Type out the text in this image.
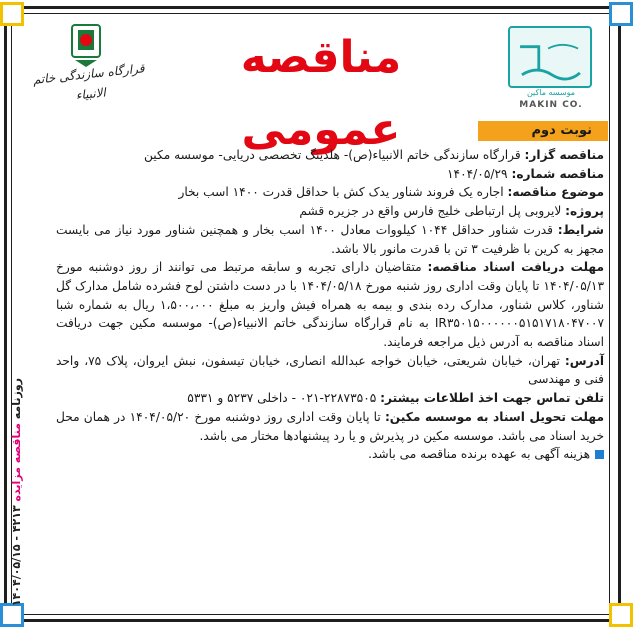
روزنامه مناقصه مزایده ۴۲۱۳ - ۱۴۰۴/۰۵/۱۵
قرارگاه سازندگی خاتم الانبیاء
مناقصه عمومی
موسسه ماکین
MAKIN CO.
نوبت دوم

مناقصه گزار: قرارگاه سازندگی خاتم الانبیاء(ص)- هلدینگ تخصصی دریایی- موسسه مکین

مناقصه شماره: ۱۴۰۴/۰۵/۲۹

موضوع مناقصه: اجاره یک فروند شناور یدک کش با حداقل قدرت ۱۴۰۰ اسب بخار

پروژه: لایروبی پل ارتباطی خلیج فارس واقع در جزیره قشم

شرایط: قدرت شناور حداقل ۱۰۴۴ کیلووات معادل ۱۴۰۰ اسب بخار و همچنین شناور مورد نیاز می بایست مجهز به کرین با ظرفیت ۳ تن با قدرت مانور بالا باشد.

مهلت دریافت اسناد مناقصه: متقاضیان دارای تجربه و سابقه مرتبط می توانند از روز دوشنبه مورخ ۱۴۰۴/۰۵/۱۳ تا پایان وقت اداری روز شنبه مورخ ۱۴۰۴/۰۵/۱۸ با در دست داشتن لوح فشرده شامل مدارک گل شناور، کلاس شناور، مدارک رده بندی و بیمه به همراه فیش واریز به مبلغ ۱،۵۰۰،۰۰۰ ریال به شماره شبا IR۳۵۰۱۵۰۰۰۰۰۰۵۱۵۱۷۱۸۰۴۷۰۰۷ به نام قرارگاه سازندگی خاتم الانبیاء(ص)- موسسه مکین جهت دریافت اسناد مناقصه به آدرس ذیل مراجعه فرمایند.

آدرس: تهران، خیابان شریعتی، خیابان خواجه عبدالله انصاری، خیابان تیسفون، نبش ایروان، پلاک ۷۵، واحد فنی و مهندسی

تلفن تماس جهت اخذ اطلاعات بیشتر: ۲۲۸۷۳۵۰۵-۰۲۱ - داخلی ۵۲۳۷ و ۵۳۳۱

مهلت تحویل اسناد به موسسه مکین: تا پایان وقت اداری روز دوشنبه مورخ ۱۴۰۴/۰۵/۲۰ در همان محل خرید اسناد می باشد. موسسه مکین در پذیرش و یا رد پیشنهادها مختار می باشد.

هزینه آگهی به عهده برنده مناقصه می باشد.
